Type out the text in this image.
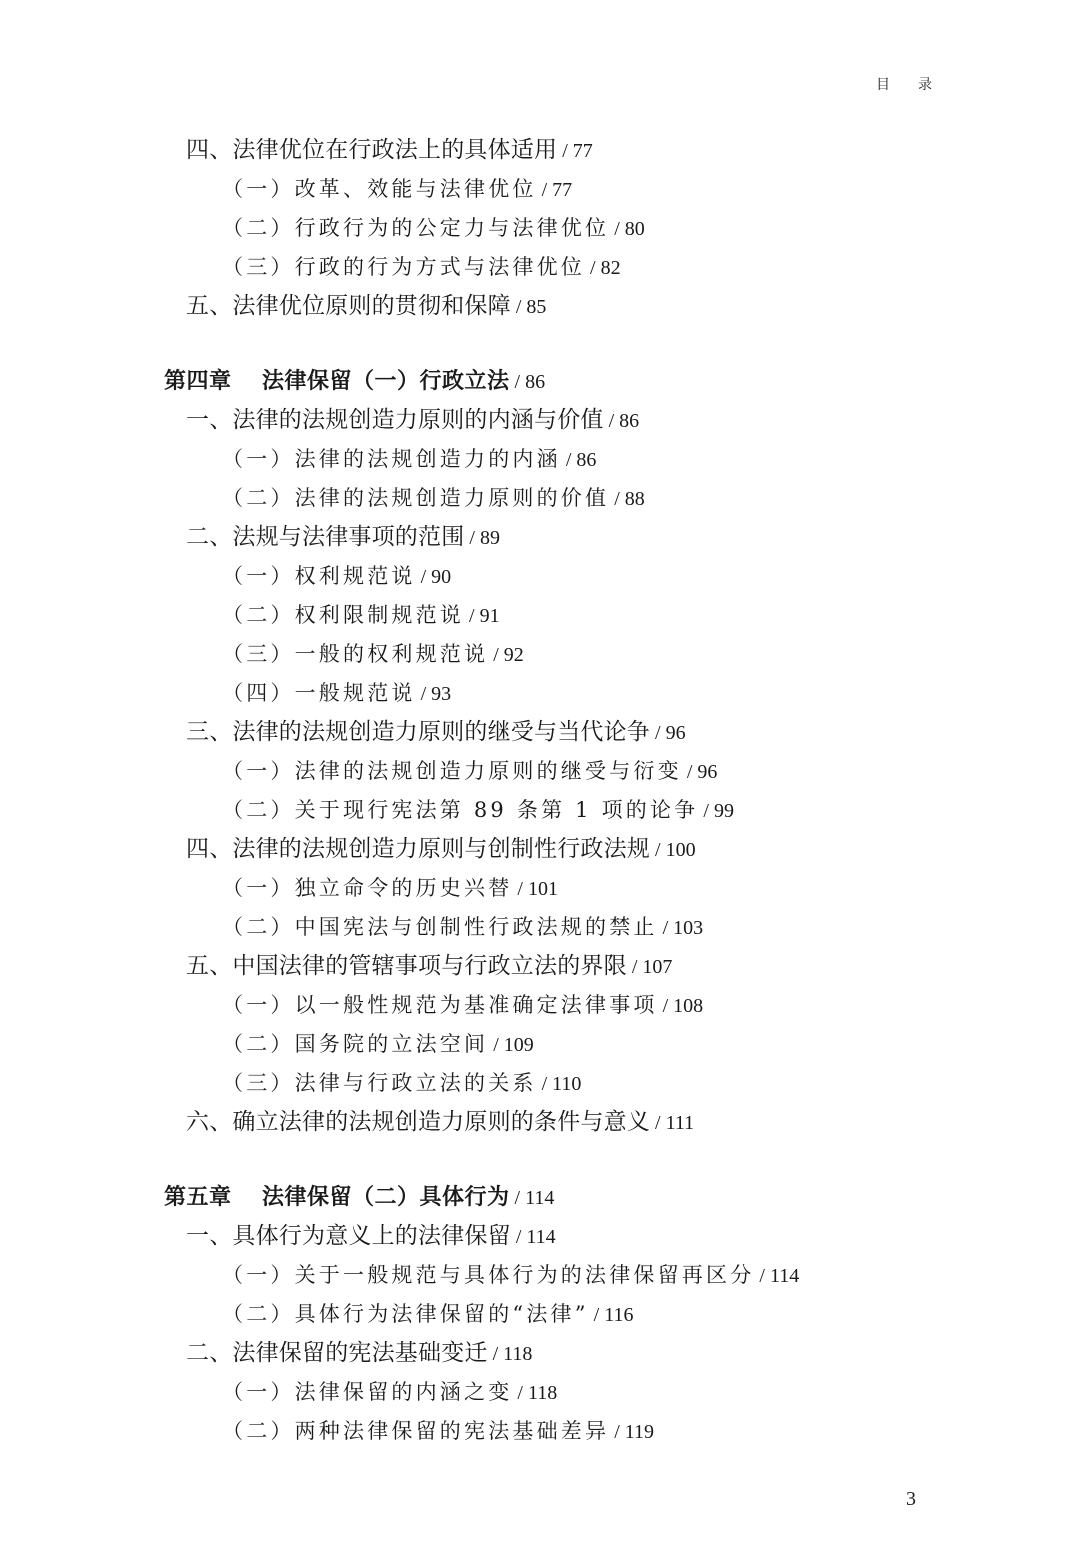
目录
四、法律优位在行政法上的具体适用 / 77
（一）改革、效能与法律优位 / 77
（二）行政行为的公定力与法律优位 / 80
（三）行政的行为方式与法律优位 / 82
五、法律优位原则的贯彻和保障 / 85
第四章 法律保留（一）行政立法 / 86
一、法律的法规创造力原则的内涵与价值 / 86
（一）法律的法规创造力的内涵 / 86
（二）法律的法规创造力原则的价值 / 88
二、法规与法律事项的范围 / 89
（一）权利规范说 / 90
（二）权利限制规范说 / 91
（三）一般的权利规范说 / 92
（四）一般规范说 / 93
三、法律的法规创造力原则的继受与当代论争 / 96
（一）法律的法规创造力原则的继受与衍变 / 96
（二）关于现行宪法第 89 条第 1 项的论争 / 99
四、法律的法规创造力原则与创制性行政法规 / 100
（一）独立命令的历史兴替 / 101
（二）中国宪法与创制性行政法规的禁止 / 103
五、中国法律的管辖事项与行政立法的界限 / 107
（一）以一般性规范为基准确定法律事项 / 108
（二）国务院的立法空间 / 109
（三）法律与行政立法的关系 / 110
六、确立法律的法规创造力原则的条件与意义 / 111
第五章 法律保留（二）具体行为 / 114
一、具体行为意义上的法律保留 / 114
（一）关于一般规范与具体行为的法律保留再区分 / 114
（二）具体行为法律保留的“法律” / 116
二、法律保留的宪法基础变迁 / 118
（一）法律保留的内涵之变 / 118
（二）两种法律保留的宪法基础差异 / 119
3
